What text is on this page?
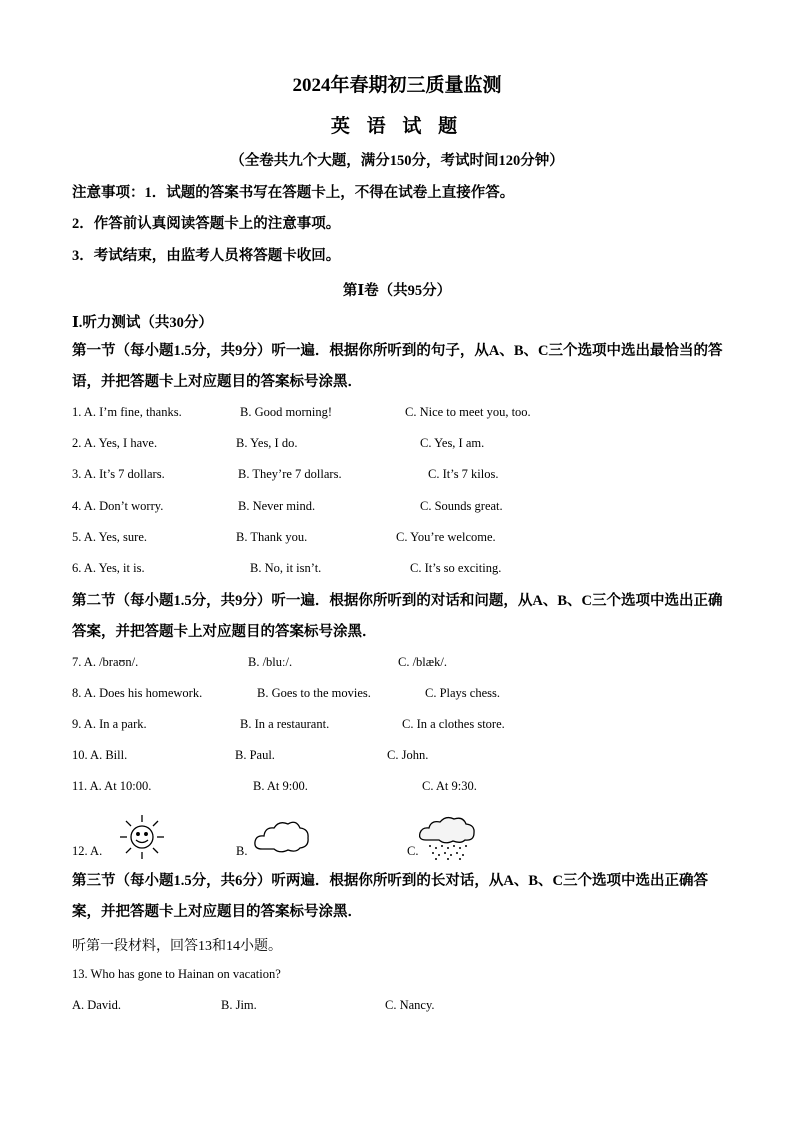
2024年春期初三质量监测
英 语 试 题
（全卷共九个大题，满分150分，考试时间120分钟）
注意事项：1．试题的答案书写在答题卡上，不得在试卷上直接作答。
2．作答前认真阅读答题卡上的注意事项。
3．考试结束，由监考人员将答题卡收回。
第Ⅰ卷（共95分）
Ⅰ.听力测试（共30分）
第一节（每小题1.5分，共9分）听一遍．根据你所听到的句子，从A、B、C三个选项中选出最恰当的答语，并把答题卡上对应题目的答案标号涂黑．
1. A. I’m fine, thanks.	B. Good morning!	C. Nice to meet you, too.
2. A. Yes, I have.	B. Yes, I do.	C. Yes, I am.
3. A. It’s 7 dollars.	B. They’re 7 dollars.	C. It’s 7 kilos.
4. A. Don’t worry.	B. Never mind.	C. Sounds great.
5. A. Yes, sure.	B. Thank you.	C. You’re welcome.
6. A. Yes, it is.	B. No, it isn’t.	C. It’s so exciting.
第二节（每小题1.5分，共9分）听一遍．根据你所听到的对话和问题，从A、B、C三个选项中选出正确答案，并把答题卡上对应题目的答案标号涂黑．
7. A. /braʊn/.	B. /bluː/.	C. /blæk/.
8. A. Does his homework.	B. Goes to the movies.	C. Plays chess.
9. A. In a park.	B. In a restaurant.	C. In a clothes store.
10. A. Bill.	B. Paul.	C. John.
11. A. At 10:00.	B. At 9:00.	C. At 9:30.
12. A.	B.	C.
第三节（每小题1.5分，共6分）听两遍．根据你所听到的长对话，从A、B、C三个选项中选出正确答案，并把答题卡上对应题目的答案标号涂黑．
听第一段材料，回答13和14小题。
13. Who has gone to Hainan on vacation?
A. David.	B. Jim.	C. Nancy.
